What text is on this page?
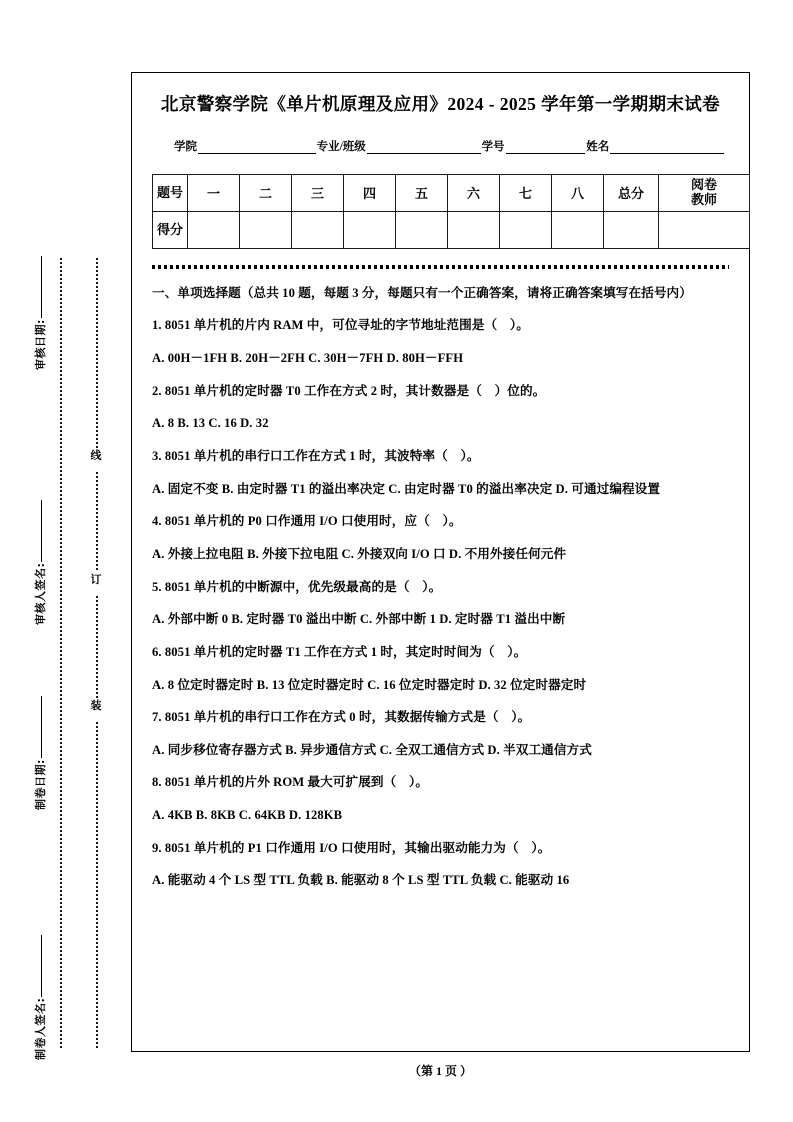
线
订
装
审核日期:
审核人签名:
制卷日期:
制卷人签名:
北京警察学院《单片机原理及应用》2024 - 2025 学年第一学期期末试卷
学院	专业/班级	学号	姓名
题号	一	二	三	四	五	六	七	八	总分	阅卷
教师

得分										

一、单项选择题（总共 10 题，每题 3 分，每题只有一个正确答案，请将正确答案填写在括号内）
1. 8051 单片机的片内 RAM 中，可位寻址的字节地址范围是（　）。
A. 00H－1FH B. 20H－2FH C. 30H－7FH D. 80H－FFH
2. 8051 单片机的定时器 T0 工作在方式 2 时，其计数器是（　）位的。
A. 8 B. 13 C. 16 D. 32
3. 8051 单片机的串行口工作在方式 1 时，其波特率（　）。
A. 固定不变 B. 由定时器 T1 的溢出率决定 C. 由定时器 T0 的溢出率决定 D. 可通过编程设置
4. 8051 单片机的 P0 口作通用 I/O 口使用时，应（　）。
A. 外接上拉电阻 B. 外接下拉电阻 C. 外接双向 I/O 口 D. 不用外接任何元件
5. 8051 单片机的中断源中，优先级最高的是（　）。
A. 外部中断 0 B. 定时器 T0 溢出中断 C. 外部中断 1 D. 定时器 T1 溢出中断
6. 8051 单片机的定时器 T1 工作在方式 1 时，其定时时间为（　）。
A. 8 位定时器定时 B. 13 位定时器定时 C. 16 位定时器定时 D. 32 位定时器定时
7. 8051 单片机的串行口工作在方式 0 时，其数据传输方式是（　）。
A. 同步移位寄存器方式 B. 异步通信方式 C. 全双工通信方式 D. 半双工通信方式
8. 8051 单片机的片外 ROM 最大可扩展到（　）。
A. 4KB B. 8KB C. 64KB D. 128KB
9. 8051 单片机的 P1 口作通用 I/O 口使用时，其输出驱动能力为（　）。
A. 能驱动 4 个 LS 型 TTL 负载 B. 能驱动 8 个 LS 型 TTL 负载 C. 能驱动 16
（第 1 页 ）
